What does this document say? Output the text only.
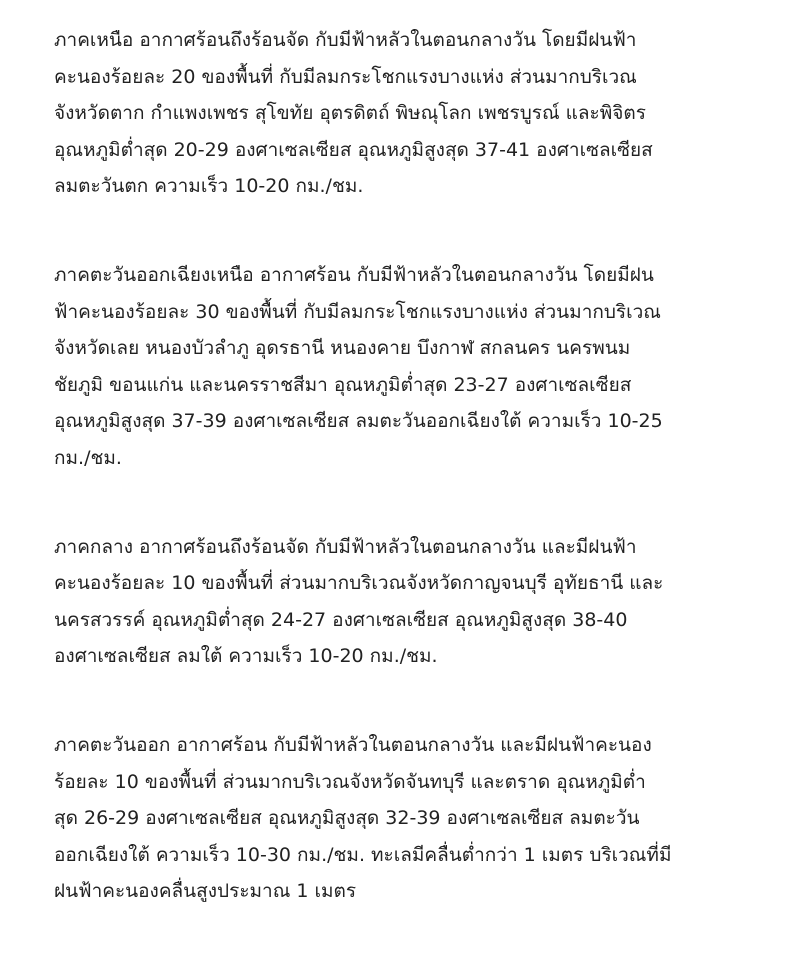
ภาคเหนือ อากาศร้อนถึงร้อนจัด กับมีฟ้าหลัวในตอนกลางวัน โดยมีฝนฟ้า
คะนองร้อยละ 20 ของพื้นที่ กับมีลมกระโชกแรงบางแห่ง ส่วนมากบริเวณ
จังหวัดตาก กำแพงเพชร สุโขทัย อุตรดิตถ์ พิษณุโลก เพชรบูรณ์ และพิจิตร
อุณหภูมิต่ำสุด 20-29 องศาเซลเซียส อุณหภูมิสูงสุด 37-41 องศาเซลเซียส
ลมตะวันตก ความเร็ว 10-20 กม./ชม.

ภาคตะวันออกเฉียงเหนือ อากาศร้อน กับมีฟ้าหลัวในตอนกลางวัน โดยมีฝน
ฟ้าคะนองร้อยละ 30 ของพื้นที่ กับมีลมกระโชกแรงบางแห่ง ส่วนมากบริเวณ
จังหวัดเลย หนองบัวลำภู อุดรธานี หนองคาย บึงกาฬ สกลนคร นครพนม
ชัยภูมิ ขอนแก่น และนครราชสีมา อุณหภูมิต่ำสุด 23-27 องศาเซลเซียส
อุณหภูมิสูงสุด 37-39 องศาเซลเซียส ลมตะวันออกเฉียงใต้ ความเร็ว 10-25
กม./ชม.

ภาคกลาง อากาศร้อนถึงร้อนจัด กับมีฟ้าหลัวในตอนกลางวัน และมีฝนฟ้า
คะนองร้อยละ 10 ของพื้นที่ ส่วนมากบริเวณจังหวัดกาญจนบุรี อุทัยธานี และ
นครสวรรค์ อุณหภูมิต่ำสุด 24-27 องศาเซลเซียส อุณหภูมิสูงสุด 38-40
องศาเซลเซียส ลมใต้ ความเร็ว 10-20 กม./ชม.

ภาคตะวันออก อากาศร้อน กับมีฟ้าหลัวในตอนกลางวัน และมีฝนฟ้าคะนอง
ร้อยละ 10 ของพื้นที่ ส่วนมากบริเวณจังหวัดจันทบุรี และตราด อุณหภูมิต่ำ
สุด 26-29 องศาเซลเซียส อุณหภูมิสูงสุด 32-39 องศาเซลเซียส ลมตะวัน
ออกเฉียงใต้ ความเร็ว 10-30 กม./ชม. ทะเลมีคลื่นต่ำกว่า 1 เมตร บริเวณที่มี
ฝนฟ้าคะนองคลื่นสูงประมาณ 1 เมตร
